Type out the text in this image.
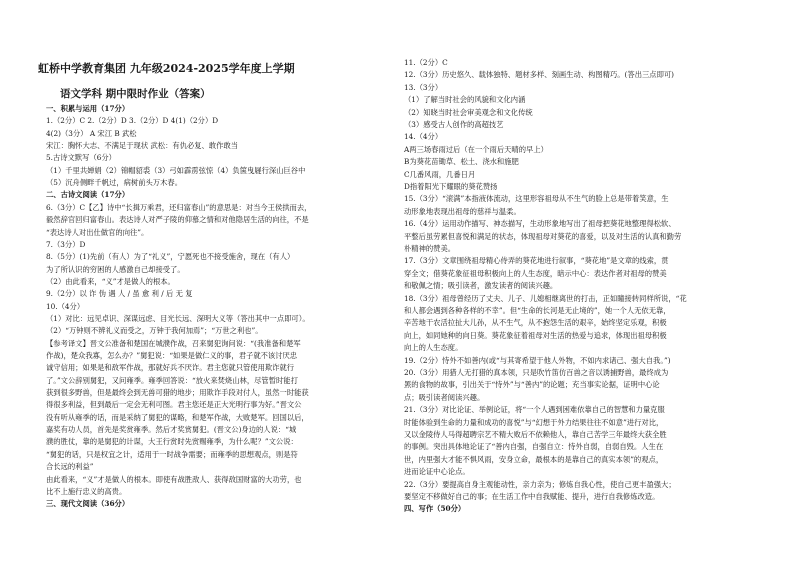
虹桥中学教育集团 九年级2024-2025学年度上学期
语文学科 期中限时作业（答案）
一、积累与运用（17分）
1.（2分）C 2.（2分）D 3.（2分）D 4(1)（2分）D
4(2)（3分） A 宋江 B 武松
宋江：胸怀大志、不满足于现状 武松：有仇必复、敢作敢当
5.古诗文默写（6分）
（1）千里共婵娟（2）锦帽貂裘（3）弓如霹雳弦惊（4）负箧曳屣行深山巨谷中
（5）沉舟侧畔千帆过，病树前头万木春。
二、古诗文阅读（17分）
6.（3分）C【乙】诗中“长揖万乘君，还归富春山”的意思是：对当今王侯拱而去，
毅然辞官回归富春山。表达诗人对严子陵的仰慕之情和对他隐居生活的向往，不是
“表达诗人对出仕做官的向往”。
7.（3分）D
8.（5分）(1)先前（有人）为了“礼义”，宁愿死也不接受施舍，现在（有人）
为了所认识的穷困的人感激自己却接受了。
（2）由此看来，“义”才是做人的根本。
9.（2分）以 诈 伪 遇 人 / 虽 愈 利 / 后 无 复
10.（4分）
（1）对比：远见卓识、深谋远虑、目光长远、深明大义等（答出其中一点即可）。
（2）“万钟则不辨礼义而受之，万钟于我何加焉”；“万世之利也”。
【参考译文】晋文公准备和楚国在城濮作战，召来舅犯询问说：“(我准备和楚军
作战)，楚众我寡，怎么办？”舅犯说：“如果是做仁义的事，君子就不该讨厌忠
诚守信用；如果是和敌军作战，那就好兵不厌诈。君主您就只管使用欺诈就行
了。”文公辞别舅犯，又问雍季。雍季回答说：“放火来焚烧山林，尽管暂时能打
获到很多野兽，但是最终会到无兽可猎的地步；用欺诈手段对付人，虽然一时能获
得很多利益，但到最后一定会无利可图。君主您还是正大光明行事为好。”晋文公
没有听从雍季的话，而是采纳了舅犯的谋略，和楚军作战，大败楚军。回国以后，
嘉奖有功人员，首先是奖赏雍季。然后才奖赏舅犯。(晋文公)身边的人说：“城
濮的胜仗，靠的是舅犯的计谋，大王行赏时先赏赐雍季，为什么呢？”文公说：
“舅犯的话，只是权宜之计，适用于一时战争需要；而雍季的思想观点，则是符
合长远的利益”
由此看来，“义”才是做人的根本。即使有战胜敌人、获得敌国财富的大功劳，也
比不上施行忠义的高贵。
三、现代文阅读（36分）
11.（2分）C
12.（3分）历史悠久、载体独特、题材多样、刻画生动、构图精巧。(答出三点即可)
13.（3分）
（1）了解当时社会的风貌和文化内涵
（2）知晓当时社会审美观念和文化传统
（3）感受古人创作的高超技艺
14.（4分）
A两三场春雨过后（在一个雨后天晴的早上）
B为葵花苗锄草、松土、浇水和施肥
C几番风雨，几番日月
D指着阳光下耀眼的葵花赞扬
15.（3分）“滚满”本指液体流动，这里形容祖母从不生气的脸上总是带着笑意，生
动形象地表现出祖母的慈祥与温柔。
16.（4分）运用动作描写、神态描写，生动形象地写出了祖母把葵花地整理得松软、
平整后虽劳累但喜悦和满足的状态，体现祖母对葵花的喜爱，以及对生活的认真和勤劳
朴精神的赞美。
17.（3分）文章围绕祖母精心侍弄的葵花地进行叙事，“葵花地”是文章的线索，贯
穿全文；借葵花象征祖母积极向上的人生态度，暗示中心：表达作者对祖母的赞美
和敬佩之情；吸引读者，激发读者的阅读兴趣。
18.（3分）祖母曾经历了丈夫、儿子、儿媳相继离世的打击，正如瞳接转同样所说，“花
和人都会遇到各种各样的不幸”。但“生命的长河是无止境的”，她一个人无依无靠，
辛苦地干农活拉扯大儿孙，从不生气，从不抱怨生活的艰辛，始终坚定乐观，积极
向上，如同她种的向日葵。葵花象征着祖母对生活的热爱与追求，体现出祖母积极
向上的人生态度。
19.（2分）恃外不如善内(或“与其寄希望于他人外物，不如内求诸己、强大自我。”)
20.（3分）用猎人无打猎的真本领，只是吹竹笛仿百兽之音以诱捕野兽，最终成为
罴的食物的故事，引出关于“恃外”与“善内”的论题；充当事实论据，证明中心论
点；吸引读者阅读兴趣。
21.（3分）对比论证、举例论证，将“一个人遇到困难依靠自己的智慧和力量克服
时能体验到生命的力量和成功的喜悦”与“幻想于外力结果往往不如意”进行对比，
又以金陵侍人马得超聘宗艺不精大败后不依赖他人，靠自己苦学三年最终大获全胜
的事例。突出具体地论证了“善内自强，自强自立：恃外自弱，自弱自毁。人生在
世，内里强大才能不惧风雨，安身立命，最根本的是靠自己的真实本领”的观点，
进而论证中心论点。
22.（3分）要提高自身主观能动性，亲力亲为；修炼自我心性，使自己更丰盈强大；
要坚定不移做好自己的事；在生活工作中自我赋能、提升，进行自我修炼改造。
四、写作（50分）
